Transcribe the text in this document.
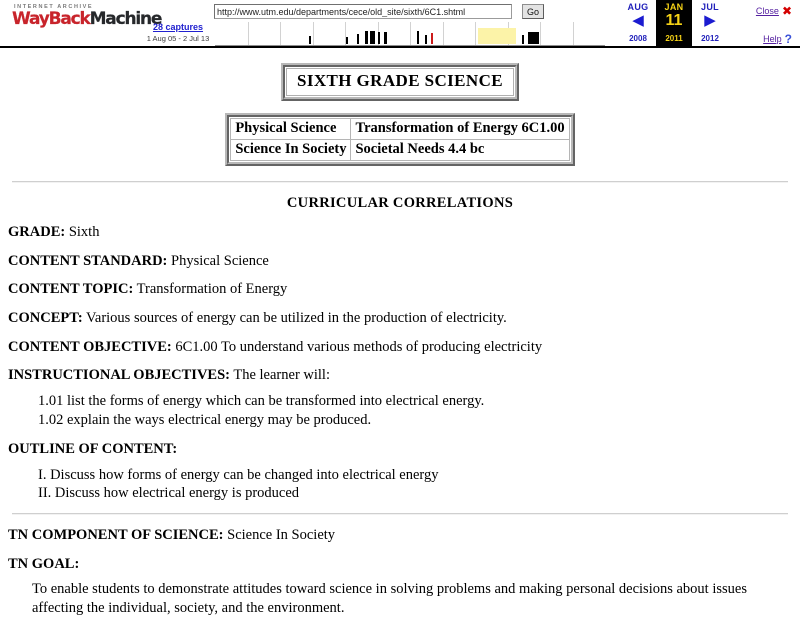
INTERNET ARCHIVE
WayBackMachine
28 captures
1 Aug 05 - 2 Jul 13
http://www.utm.edu/departments/cece/old_site/sixth/6C1.shtml
Go	AUG
◀
2008
JAN
11
2011
JUL
▶
2012
Close ✖
Help ?
SIXTH GRADE SCIENCE
Physical Science	Transformation of Energy 6C1.00
Science In Society	Societal Needs 4.4 bc
CURRICULAR CORRELATIONS
GRADE: Sixth
CONTENT STANDARD: Physical Science
CONTENT TOPIC: Transformation of Energy
CONCEPT: Various sources of energy can be utilized in the production of electricity.
CONTENT OBJECTIVE: 6C1.00 To understand various methods of producing electricity
INSTRUCTIONAL OBJECTIVES: The learner will:
1.01 list the forms of energy which can be transformed into electrical energy.
1.02 explain the ways electrical energy may be produced.
OUTLINE OF CONTENT:
I. Discuss how forms of energy can be changed into electrical energy
II. Discuss how electrical energy is produced
TN COMPONENT OF SCIENCE: Science In Society
TN GOAL:
To enable students to demonstrate attitudes toward science in solving problems and making personal decisions about issues affecting the individual, society, and the environment.
